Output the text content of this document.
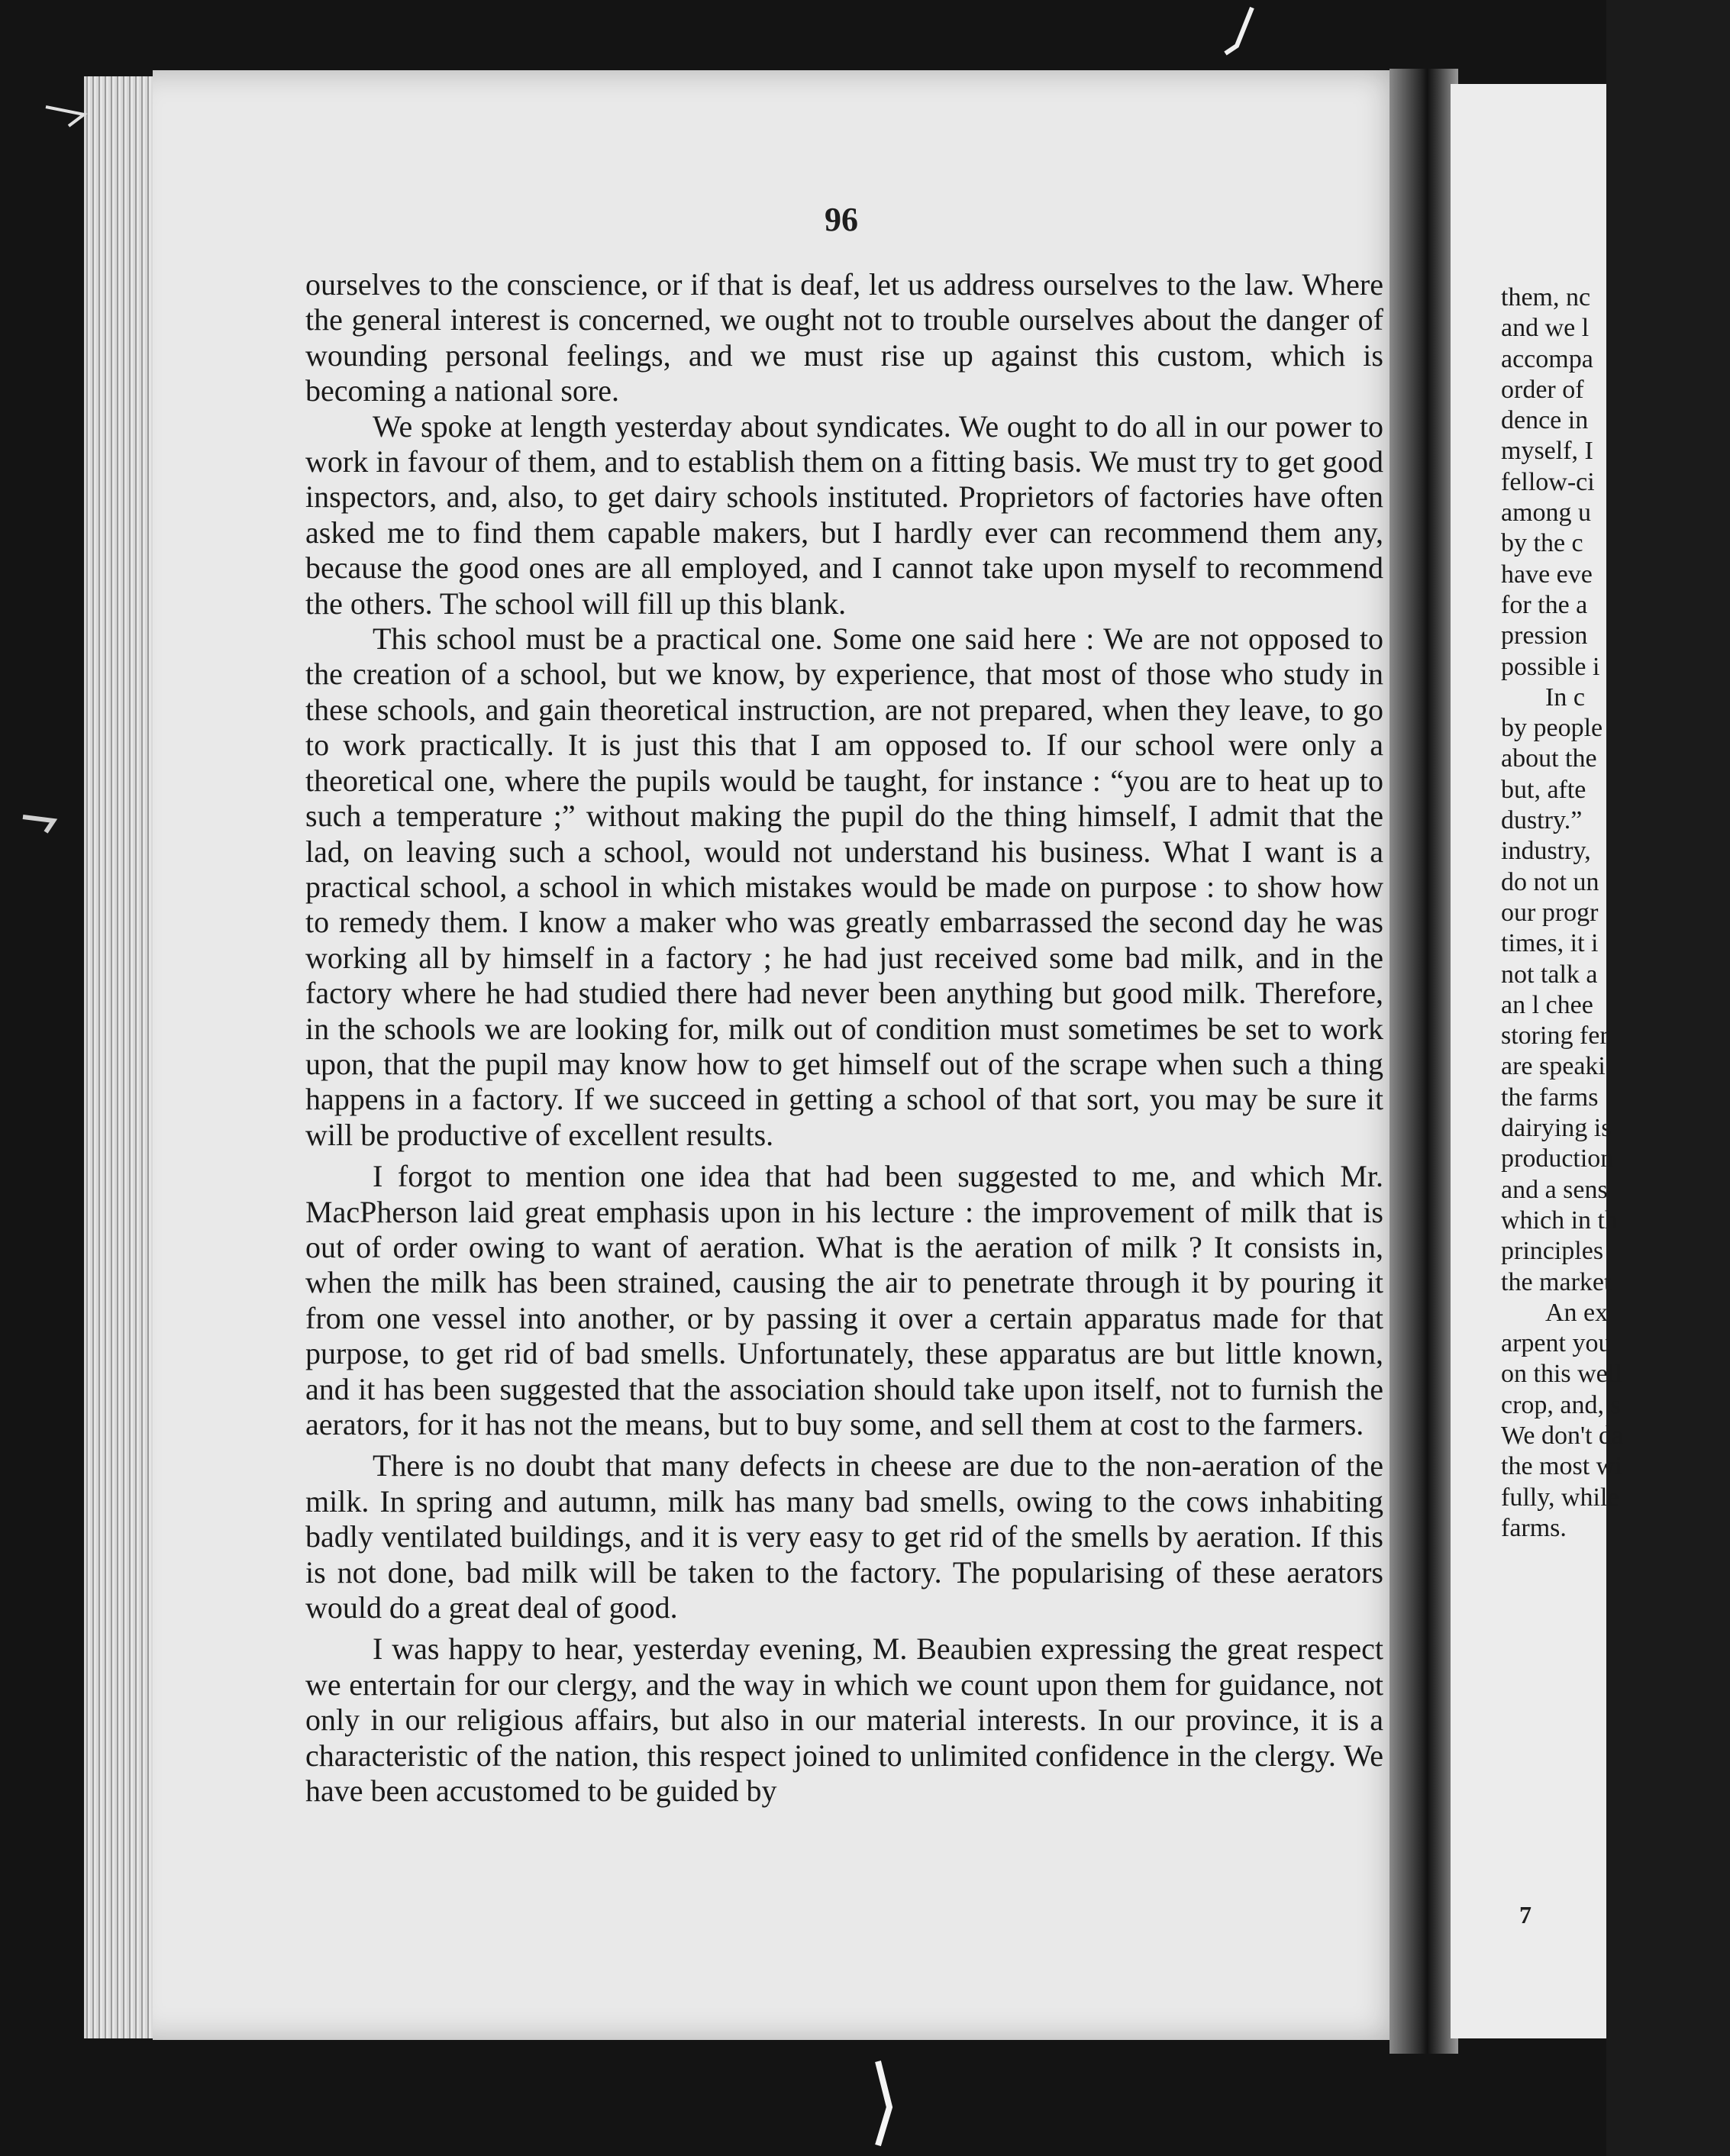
96

ourselves to the conscience, or if that is deaf, let us address ourselves to the law. Where the general interest is concerned, we ought not to trouble ourselves about the danger of wounding personal feelings, and we must rise up against this custom, which is becoming a national sore.

We spoke at length yesterday about syndicates. We ought to do all in our power to work in favour of them, and to establish them on a fitting basis. We must try to get good inspectors, and, also, to get dairy schools instituted. Proprietors of factories have often asked me to find them capable makers, but I hardly ever can recommend them any, because the good ones are all employed, and I cannot take upon myself to recommend the others. The school will fill up this blank.

This school must be a practical one. Some one said here : We are not opposed to the creation of a school, but we know, by experience, that most of those who study in these schools, and gain theoretical instruction, are not prepared, when they leave, to go to work practically. It is just this that I am opposed to. If our school were only a theoretical one, where the pupils would be taught, for instance : “you are to heat up to such a temperature ;” without making the pupil do the thing himself, I admit that the lad, on leaving such a school, would not understand his business. What I want is a practical school, a school in which mistakes would be made on purpose : to show how to remedy them. I know a maker who was greatly embarrassed the second day he was working all by himself in a factory ; he had just received some bad milk, and in the factory where he had studied there had never been anything but good milk. Therefore, in the schools we are looking for, milk out of condition must sometimes be set to work upon, that the pupil may know how to get himself out of the scrape when such a thing happens in a factory. If we succeed in getting a school of that sort, you may be sure it will be productive of excellent results.

I forgot to mention one idea that had been suggested to me, and which Mr. MacPherson laid great emphasis upon in his lecture : the improvement of milk that is out of order owing to want of aeration. What is the aeration of milk ? It consists in, when the milk has been strained, causing the air to penetrate through it by pouring it from one vessel into another, or by passing it over a certain apparatus made for that purpose, to get rid of bad smells. Unfortunately, these apparatus are but little known, and it has been suggested that the association should take upon itself, not to furnish the aerators, for it has not the means, but to buy some, and sell them at cost to the farmers.

There is no doubt that many defects in cheese are due to the non-aeration of the milk. In spring and autumn, milk has many bad smells, owing to the cows inhabiting badly ventilated buildings, and it is very easy to get rid of the smells by aeration. If this is not done, bad milk will be taken to the factory. The popularising of these aerators would do a great deal of good.

I was happy to hear, yesterday evening, M. Beaubien expressing the great respect we entertain for our clergy, and the way in which we count upon them for guidance, not only in our religious affairs, but also in our material interests. In our province, it is a characteristic of the nation, this respect joined to unlimited confidence in the clergy. We have been accustomed to be guided by

them, nc
and we l
accompa
order of
dence in
myself, I
fellow-ci
among u
by the c
have eve
for the a
pression
possible i
In c
by people
about the
but, afte
dustry.”
industry,
do not un
our progr
times, it i
not talk a
an l chee
storing fer
are speaki
the farms
dairying is
production
and a sens
which in th
principles
the market
An ex
arpent you
on this well
crop, and, s
We don't da
the most wi
fully, while
farms.
7
